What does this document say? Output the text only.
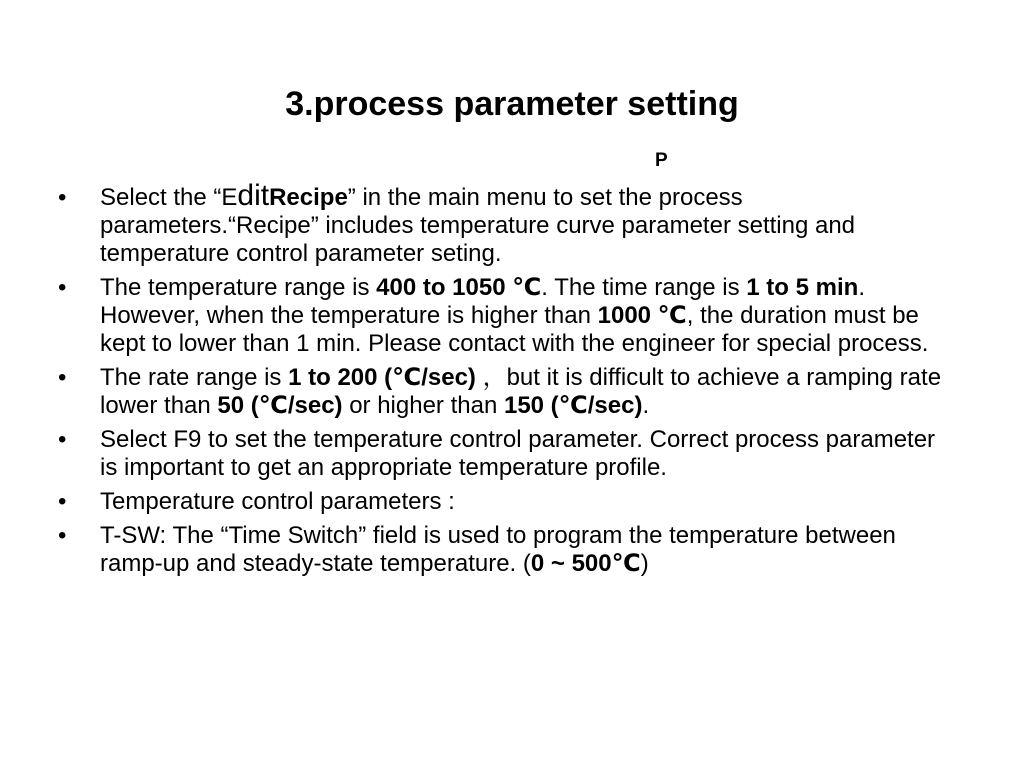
3.process parameter setting
P
•	Select the “EditRecipe” in the main menu to set the process parameters.“Recipe” includes temperature curve parameter setting and temperature control parameter seting.
•	The temperature range is 400 to 1050 ℃. The time range is 1 to 5 min. However, when the temperature is higher than 1000 ℃, the duration must be kept to lower than 1 min. Please contact with the engineer for special process.
•	The rate range is 1 to 200 (℃/sec) ，but it is difficult to achieve a ramping rate lower than 50 (℃/sec) or higher than 150 (℃/sec).
•	Select F9 to set the temperature control parameter. Correct process parameter is important to get an appropriate temperature profile.
•	Temperature control parameters :
•	T-SW: The “Time Switch” field is used to program the temperature between ramp-up and steady-state temperature. (0 ~ 500℃)
